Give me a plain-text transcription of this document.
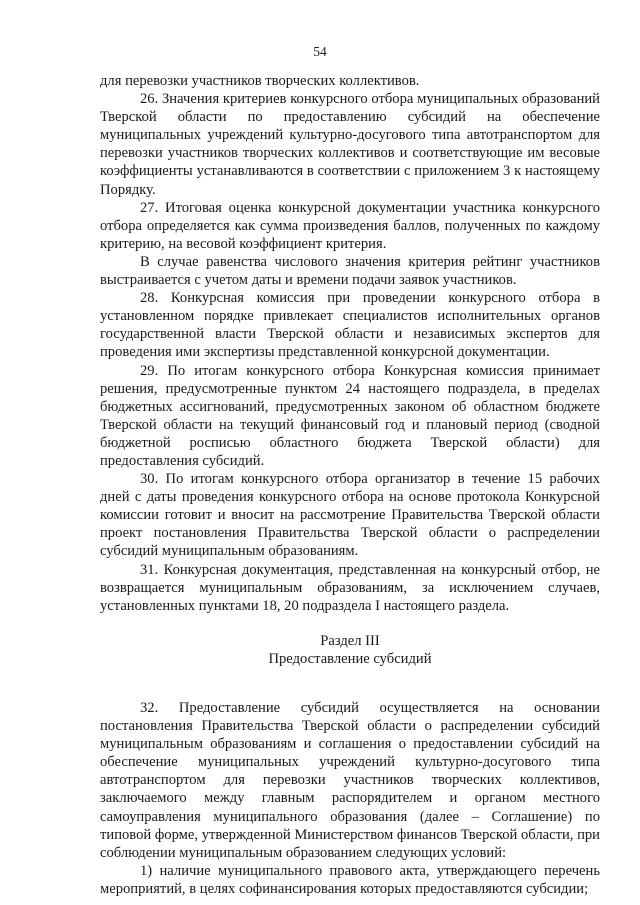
54

для перевозки участников творческих коллективов.

26. Значения критериев конкурсного отбора муниципальных образований Тверской области по предоставлению субсидий на обеспечение муниципальных учреждений культурно-досугового типа автотранспортом для перевозки участников творческих коллективов и соответствующие им весовые коэффициенты устанавливаются в соответствии с приложением 3 к настоящему Порядку.

27. Итоговая оценка конкурсной документации участника конкурсного отбора определяется как сумма произведения баллов, полученных по каждому критерию, на весовой коэффициент критерия.

В случае равенства числового значения критерия рейтинг участников выстраивается с учетом даты и времени подачи заявок участников.

28. Конкурсная комиссия при проведении конкурсного отбора в установленном порядке привлекает специалистов исполнительных органов государственной власти Тверской области и независимых экспертов для проведения ими экспертизы представленной конкурсной документации.

29. По итогам конкурсного отбора Конкурсная комиссия принимает решения, предусмотренные пунктом 24 настоящего подраздела, в пределах бюджетных ассигнований, предусмотренных законом об областном бюджете Тверской области на текущий финансовый год и плановый период (сводной бюджетной росписью областного бюджета Тверской области) для предоставления субсидий.

30. По итогам конкурсного отбора организатор в течение 15 рабочих дней с даты проведения конкурсного отбора на основе протокола Конкурсной комиссии готовит и вносит на рассмотрение Правительства Тверской области проект постановления Правительства Тверской области о распределении субсидий муниципальным образованиям.

31. Конкурсная документация, представленная на конкурсный отбор, не возвращается муниципальным образованиям, за исключением случаев, установленных пунктами 18, 20 подраздела I настоящего раздела.

Раздел III
Предоставление субсидий

32. Предоставление субсидий осуществляется на основании постановления Правительства Тверской области о распределении субсидий муниципальным образованиям и соглашения о предоставлении субсидий на обеспечение муниципальных учреждений культурно-досугового типа автотранспортом для перевозки участников творческих коллективов, заключаемого между главным распорядителем и органом местного самоуправления муниципального образования (далее – Соглашение) по типовой форме, утвержденной Министерством финансов Тверской области, при соблюдении муниципальным образованием следующих условий:

1) наличие муниципального правового акта, утверждающего перечень мероприятий, в целях софинансирования которых предоставляются субсидии;
